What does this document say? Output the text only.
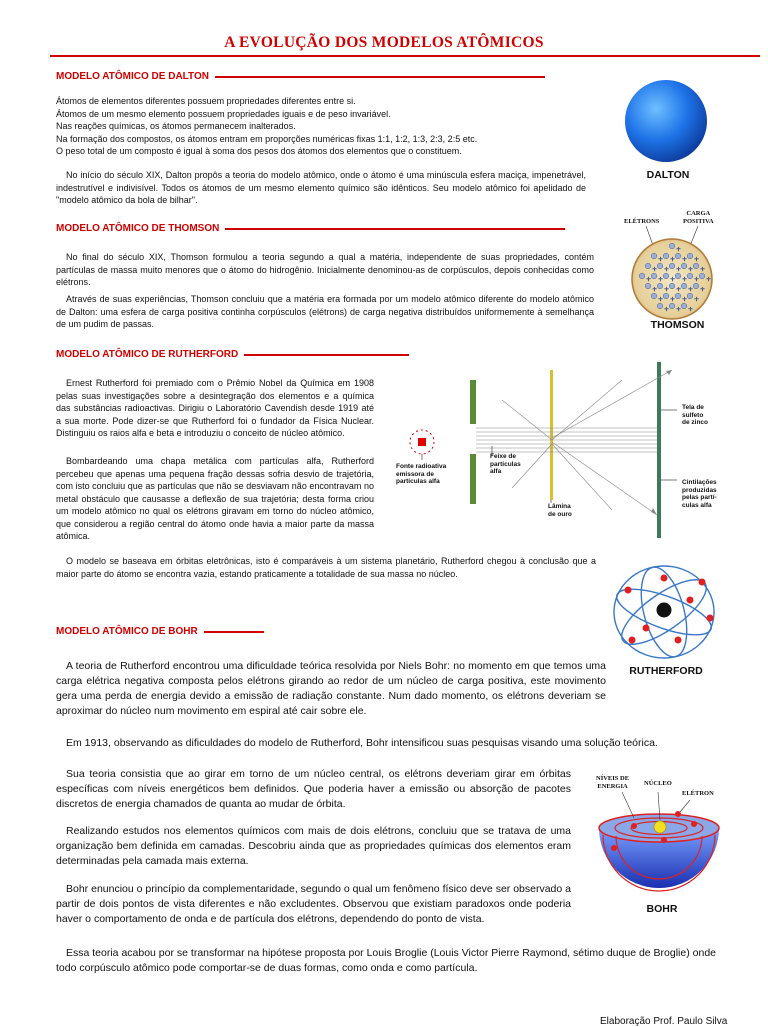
A EVOLUÇÃO DOS MODELOS ATÔMICOS
MODELO ATÔMICO DE DALTON

Átomos de elementos diferentes possuem propriedades diferentes entre si.

Átomos de um mesmo elemento possuem propriedades iguais e de peso invariável.

Nas reações químicas, os átomos permanecem inalterados.

Na formação dos compostos, os átomos entram em proporções numéricas fixas 1:1, 1:2, 1:3, 2:3, 2:5 etc.

O peso total de um composto é igual à soma dos pesos dos átomos dos elementos que o constituem.

No início do século XIX, Dalton propôs a teoria do modelo atômico, onde o átomo é uma minúscula esfera maciça, impenetrável, indestrutível e indivisível. Todos os átomos de um mesmo elemento químico são idênticos. Seu modelo atômico foi apelidado de "modelo atômico da bola de bilhar".

DALTON
MODELO ATÔMICO DE THOMSON

No final do século XIX, Thomson formulou a teoria segundo a qual a matéria, independente de suas propriedades, contém partículas de massa muito menores que o átomo do hidrogênio. Inicialmente denominou-as de corpúsculos, depois conhecidas como elétrons.

Através de suas experiências, Thomson concluiu que a matéria era formada por um modelo atômico diferente do modelo atômico de Dalton: uma esfera de carga positiva continha corpúsculos (elétrons) de carga negativa distribuídos uniformemente à semelhança de um pudim de passas.

ELÉTRONS
CARGA
POSITIVA
+
+ + + +
+ + + + +
+ + + + + +
+ + + + +
+ + + +
+ + +
THOMSON
MODELO ATÔMICO DE RUTHERFORD

Ernest Rutherford foi premiado com o Prêmio Nobel da Química em 1908 pelas suas investigações sobre a desintegração dos elementos e a química das substâncias radioactivas. Dirigiu o Laboratório Cavendish desde 1919 até a sua morte. Pode dizer-se que Rutherford foi o fundador da Física Nuclear. Distinguiu os raios alfa e beta e introduziu o conceito de núcleo atômico.

Bombardeando uma chapa metálica com partículas alfa, Rutherford percebeu que apenas uma pequena fração dessas sofria desvio de trajetória, com isto concluiu que as partículas que não se desviavam não encontravam no metal obstáculo que causasse a deflexão de sua trajetória; desta forma criou um modelo atômico no qual os elétrons giravam em torno do núcleo atômico, que considerou a região central do átomo onde havia a maior parte da massa atômica.

O modelo se baseava em órbitas eletrônicas, isto é comparáveis à um sistema planetário, Rutherford chegou à conclusão que a maior parte do átomo se encontra vazia, estando praticamente a totalidade de sua massa no núcleo.

Fonte radioativa
emissora de
partículas alfa
Feixe de
partículas
alfa
Lâmina
de ouro
Tela de
sulfeto
de zinco
Cintilações
produzidas
pelas partí-
culas alfa
RUTHERFORD
MODELO ATÔMICO DE BOHR

A teoria de Rutherford encontrou uma dificuldade teórica resolvida por Niels Bohr: no momento em que temos uma carga elétrica negativa composta pelos elétrons girando ao redor de um núcleo de carga positiva, este movimento gera uma perda de energia devido a emissão de radiação constante. Num dado momento, os elétrons deveriam se aproximar do núcleo num movimento em espiral até cair sobre ele.

Em 1913, observando as dificuldades do modelo de Rutherford, Bohr intensificou suas pesquisas visando uma solução teórica.

Sua teoria consistia que ao girar em torno de um núcleo central, os elétrons deveriam girar em órbitas específicas com níveis energéticos bem definidos. Que poderia haver a emissão ou absorção de pacotes discretos de energia chamados de quanta ao mudar de órbita.

Realizando estudos nos elementos químicos com mais de dois elétrons, concluiu que se tratava de uma organização bem definida em camadas. Descobriu ainda que as propriedades químicas dos elementos eram determinadas pela camada mais externa.

Bohr enunciou o princípio da complementaridade, segundo o qual um fenômeno físico deve ser observado a partir de dois pontos de vista diferentes e não excludentes. Observou que existiam paradoxos onde poderia haver o comportamento de onda e de partícula dos elétrons, dependendo do ponto de vista.

Essa teoria acabou por se transformar na hipótese proposta por Louis Broglie (Louis Victor Pierre Raymond, sétimo duque de Broglie) onde todo corpúsculo atômico pode comportar-se de duas formas, como onda e como partícula.

NÍVEIS DE
ENERGIA	NÚCLEO
ELÉTRON
BOHR
Elaboração Prof. Paulo Silva
